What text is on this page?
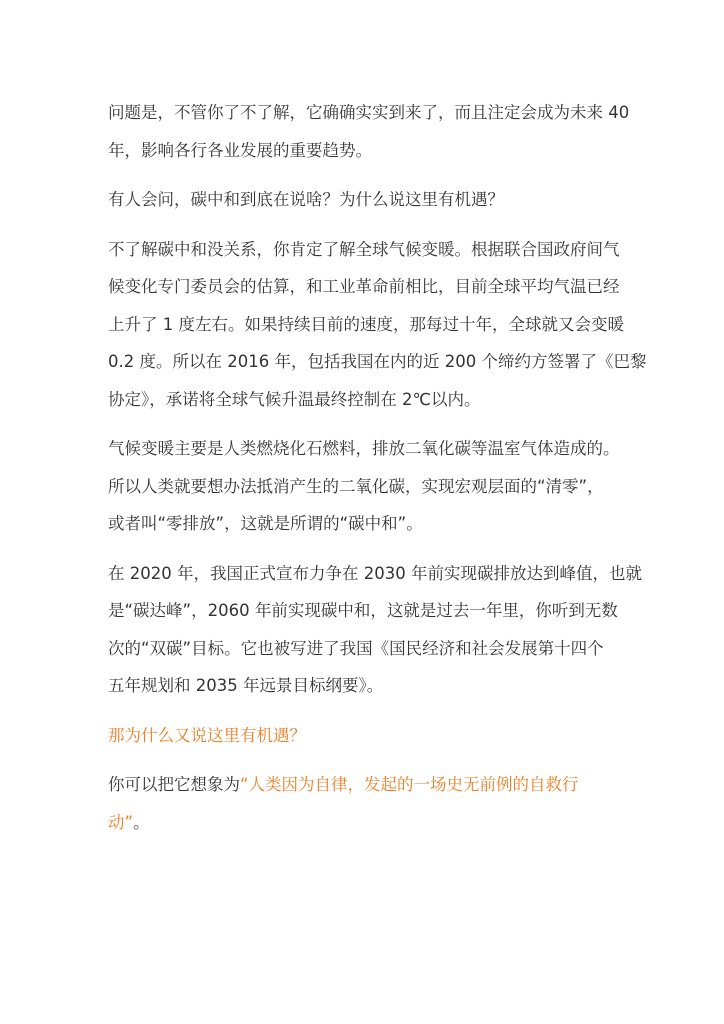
问题是，不管你了不了解，它确确实实到来了，而且注定会成为未来 40
年，影响各行各业发展的重要趋势。

有人会问，碳中和到底在说啥？为什么说这里有机遇？

不了解碳中和没关系，你肯定了解全球气候变暖。根据联合国政府间气
候变化专门委员会的估算，和工业革命前相比，目前全球平均气温已经
上升了 1 度左右。如果持续目前的速度，那每过十年，全球就又会变暖
0.2 度。所以在 2016 年，包括我国在内的近 200 个缔约方签署了《巴黎
协定》，承诺将全球气候升温最终控制在 2℃以内。

气候变暖主要是人类燃烧化石燃料，排放二氧化碳等温室气体造成的。
所以人类就要想办法抵消产生的二氧化碳，实现宏观层面的“清零”，
或者叫“零排放”，这就是所谓的“碳中和”。

在 2020 年，我国正式宣布力争在 2030 年前实现碳排放达到峰值，也就
是“碳达峰”，2060 年前实现碳中和，这就是过去一年里，你听到无数
次的“双碳”目标。它也被写进了我国《国民经济和社会发展第十四个
五年规划和 2035 年远景目标纲要》。

那为什么又说这里有机遇？

你可以把它想象为“人类因为自律，发起的一场史无前例的自救行
动”。
